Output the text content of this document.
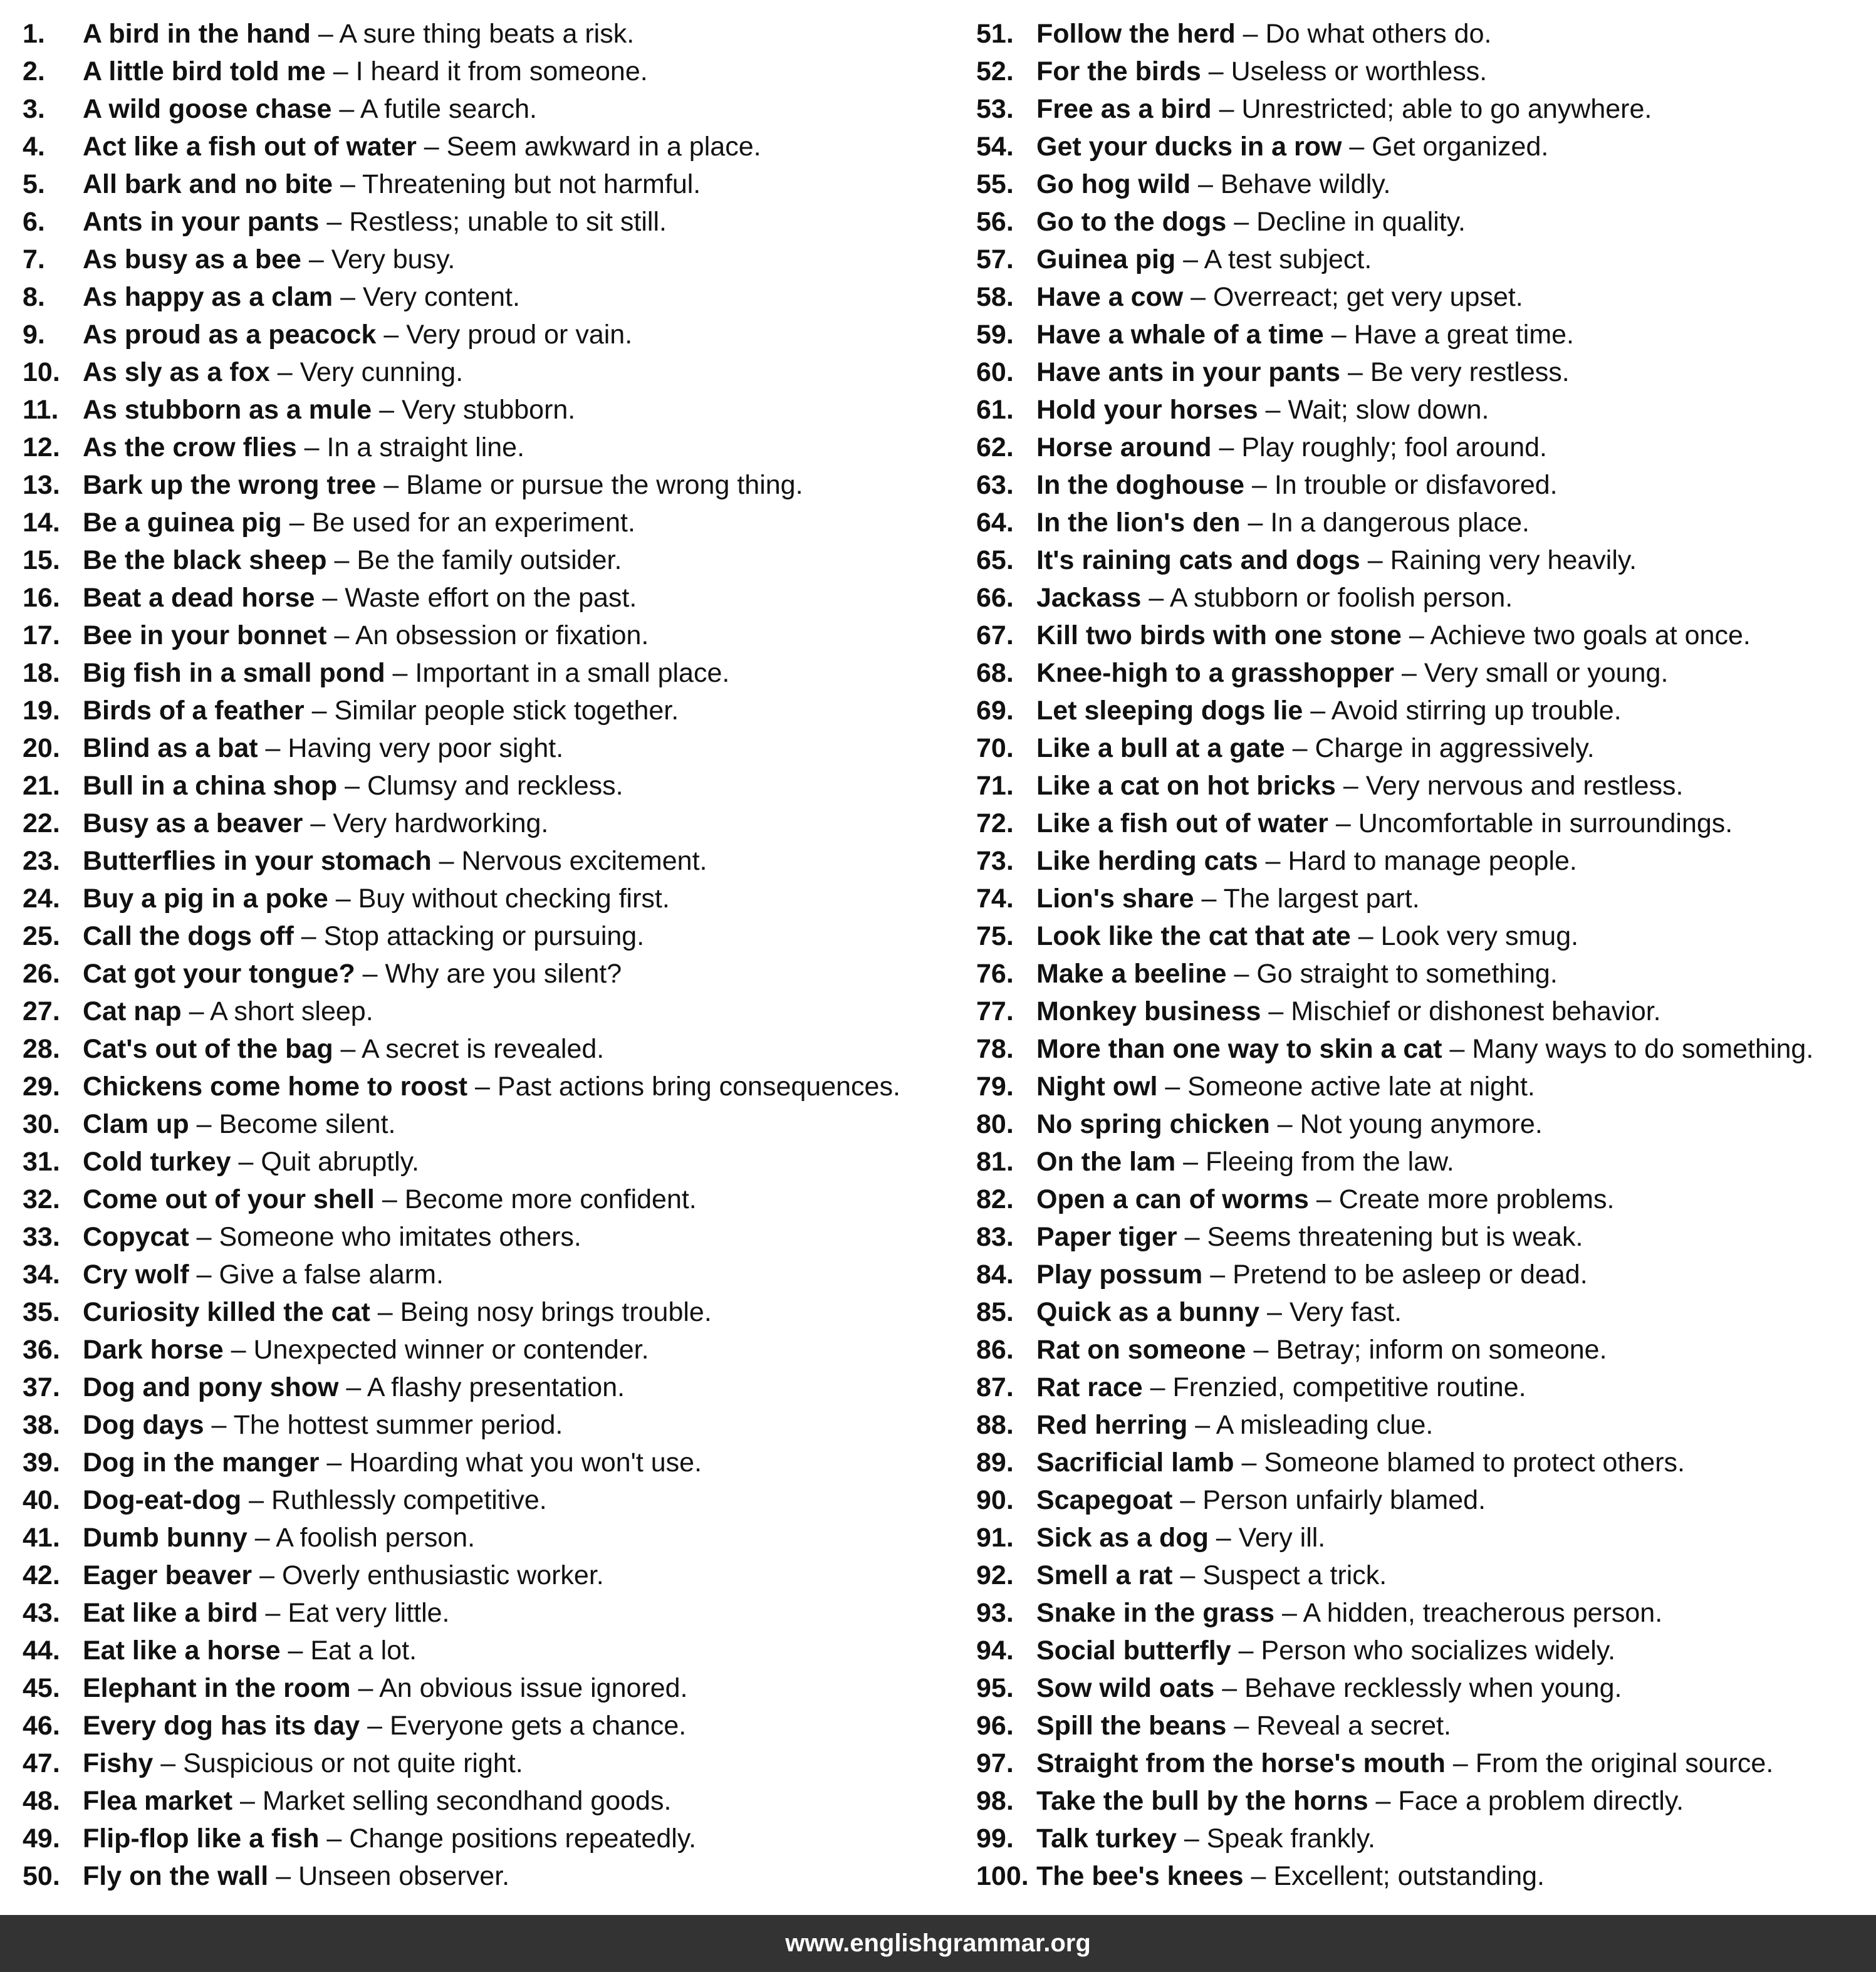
1. A bird in the hand – A sure thing beats a risk.
2. A little bird told me – I heard it from someone.
3. A wild goose chase – A futile search.
4. Act like a fish out of water – Seem awkward in a place.
5. All bark and no bite – Threatening but not harmful.
6. Ants in your pants – Restless; unable to sit still.
7. As busy as a bee – Very busy.
8. As happy as a clam – Very content.
9. As proud as a peacock – Very proud or vain.
10. As sly as a fox – Very cunning.
11. As stubborn as a mule – Very stubborn.
12. As the crow flies – In a straight line.
13. Bark up the wrong tree – Blame or pursue the wrong thing.
14. Be a guinea pig – Be used for an experiment.
15. Be the black sheep – Be the family outsider.
16. Beat a dead horse – Waste effort on the past.
17. Bee in your bonnet – An obsession or fixation.
18. Big fish in a small pond – Important in a small place.
19. Birds of a feather – Similar people stick together.
20. Blind as a bat – Having very poor sight.
21. Bull in a china shop – Clumsy and reckless.
22. Busy as a beaver – Very hardworking.
23. Butterflies in your stomach – Nervous excitement.
24. Buy a pig in a poke – Buy without checking first.
25. Call the dogs off – Stop attacking or pursuing.
26. Cat got your tongue? – Why are you silent?
27. Cat nap – A short sleep.
28. Cat's out of the bag – A secret is revealed.
29. Chickens come home to roost – Past actions bring consequences.
30. Clam up – Become silent.
31. Cold turkey – Quit abruptly.
32. Come out of your shell – Become more confident.
33. Copycat – Someone who imitates others.
34. Cry wolf – Give a false alarm.
35. Curiosity killed the cat – Being nosy brings trouble.
36. Dark horse – Unexpected winner or contender.
37. Dog and pony show – A flashy presentation.
38. Dog days – The hottest summer period.
39. Dog in the manger – Hoarding what you won't use.
40. Dog-eat-dog – Ruthlessly competitive.
41. Dumb bunny – A foolish person.
42. Eager beaver – Overly enthusiastic worker.
43. Eat like a bird – Eat very little.
44. Eat like a horse – Eat a lot.
45. Elephant in the room – An obvious issue ignored.
46. Every dog has its day – Everyone gets a chance.
47. Fishy – Suspicious or not quite right.
48. Flea market – Market selling secondhand goods.
49. Flip-flop like a fish – Change positions repeatedly.
50. Fly on the wall – Unseen observer.
51. Follow the herd – Do what others do.
52. For the birds – Useless or worthless.
53. Free as a bird – Unrestricted; able to go anywhere.
54. Get your ducks in a row – Get organized.
55. Go hog wild – Behave wildly.
56. Go to the dogs – Decline in quality.
57. Guinea pig – A test subject.
58. Have a cow – Overreact; get very upset.
59. Have a whale of a time – Have a great time.
60. Have ants in your pants – Be very restless.
61. Hold your horses – Wait; slow down.
62. Horse around – Play roughly; fool around.
63. In the doghouse – In trouble or disfavored.
64. In the lion's den – In a dangerous place.
65. It's raining cats and dogs – Raining very heavily.
66. Jackass – A stubborn or foolish person.
67. Kill two birds with one stone – Achieve two goals at once.
68. Knee-high to a grasshopper – Very small or young.
69. Let sleeping dogs lie – Avoid stirring up trouble.
70. Like a bull at a gate – Charge in aggressively.
71. Like a cat on hot bricks – Very nervous and restless.
72. Like a fish out of water – Uncomfortable in surroundings.
73. Like herding cats – Hard to manage people.
74. Lion's share – The largest part.
75. Look like the cat that ate – Look very smug.
76. Make a beeline – Go straight to something.
77. Monkey business – Mischief or dishonest behavior.
78. More than one way to skin a cat – Many ways to do something.
79. Night owl – Someone active late at night.
80. No spring chicken – Not young anymore.
81. On the lam – Fleeing from the law.
82. Open a can of worms – Create more problems.
83. Paper tiger – Seems threatening but is weak.
84. Play possum – Pretend to be asleep or dead.
85. Quick as a bunny – Very fast.
86. Rat on someone – Betray; inform on someone.
87. Rat race – Frenzied, competitive routine.
88. Red herring – A misleading clue.
89. Sacrificial lamb – Someone blamed to protect others.
90. Scapegoat – Person unfairly blamed.
91. Sick as a dog – Very ill.
92. Smell a rat – Suspect a trick.
93. Snake in the grass – A hidden, treacherous person.
94. Social butterfly – Person who socializes widely.
95. Sow wild oats – Behave recklessly when young.
96. Spill the beans – Reveal a secret.
97. Straight from the horse's mouth – From the original source.
98. Take the bull by the horns – Face a problem directly.
99. Talk turkey – Speak frankly.
100. The bee's knees – Excellent; outstanding.
www.englishgrammar.org
